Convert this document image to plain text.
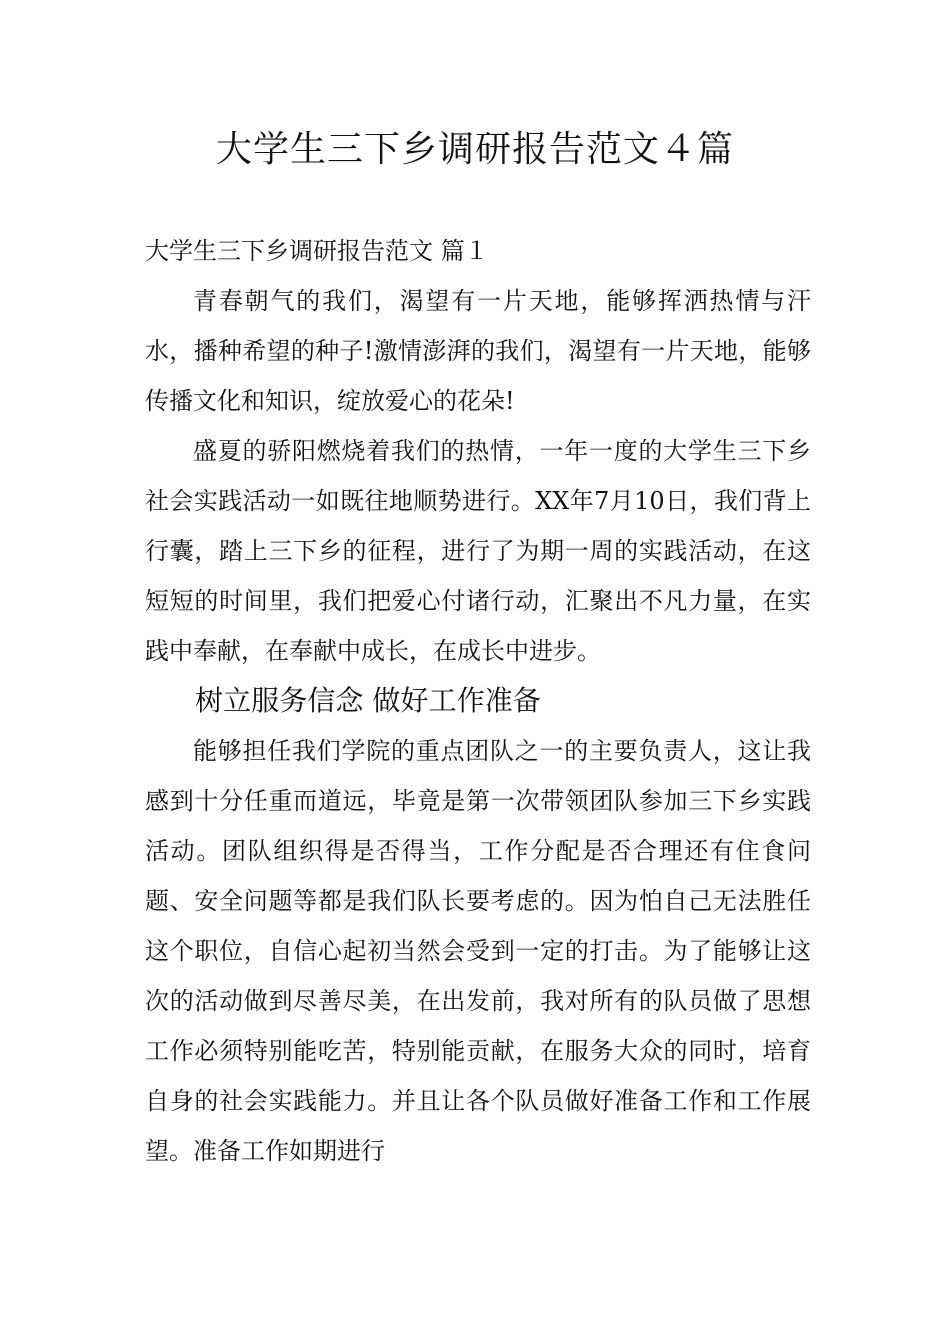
大学生三下乡调研报告范文４篇
大学生三下乡调研报告范文 篇１

青春朝气的我们，渴望有一片天地，能够挥洒热情与汗水，播种希望的种子!激情澎湃的我们，渴望有一片天地，能够传播文化和知识，绽放爱心的花朵!

盛夏的骄阳燃烧着我们的热情，一年一度的大学生三下乡社会实践活动一如既往地顺势进行。XX年7月10日，我们背上行囊，踏上三下乡的征程，进行了为期一周的实践活动，在这短短的时间里，我们把爱心付诸行动，汇聚出不凡力量，在实践中奉献，在奉献中成长，在成长中进步。

树立服务信念 做好工作准备

能够担任我们学院的重点团队之一的主要负责人，这让我感到十分任重而道远，毕竟是第一次带领团队参加三下乡实践活动。团队组织得是否得当，工作分配是否合理还有住食问题、安全问题等都是我们队长要考虑的。因为怕自己无法胜任这个职位，自信心起初当然会受到一定的打击。为了能够让这次的活动做到尽善尽美，在出发前，我对所有的队员做了思想工作必须特别能吃苦，特别能贡献，在服务大众的同时，培育自身的社会实践能力。并且让各个队员做好准备工作和工作展望。准备工作如期进行
